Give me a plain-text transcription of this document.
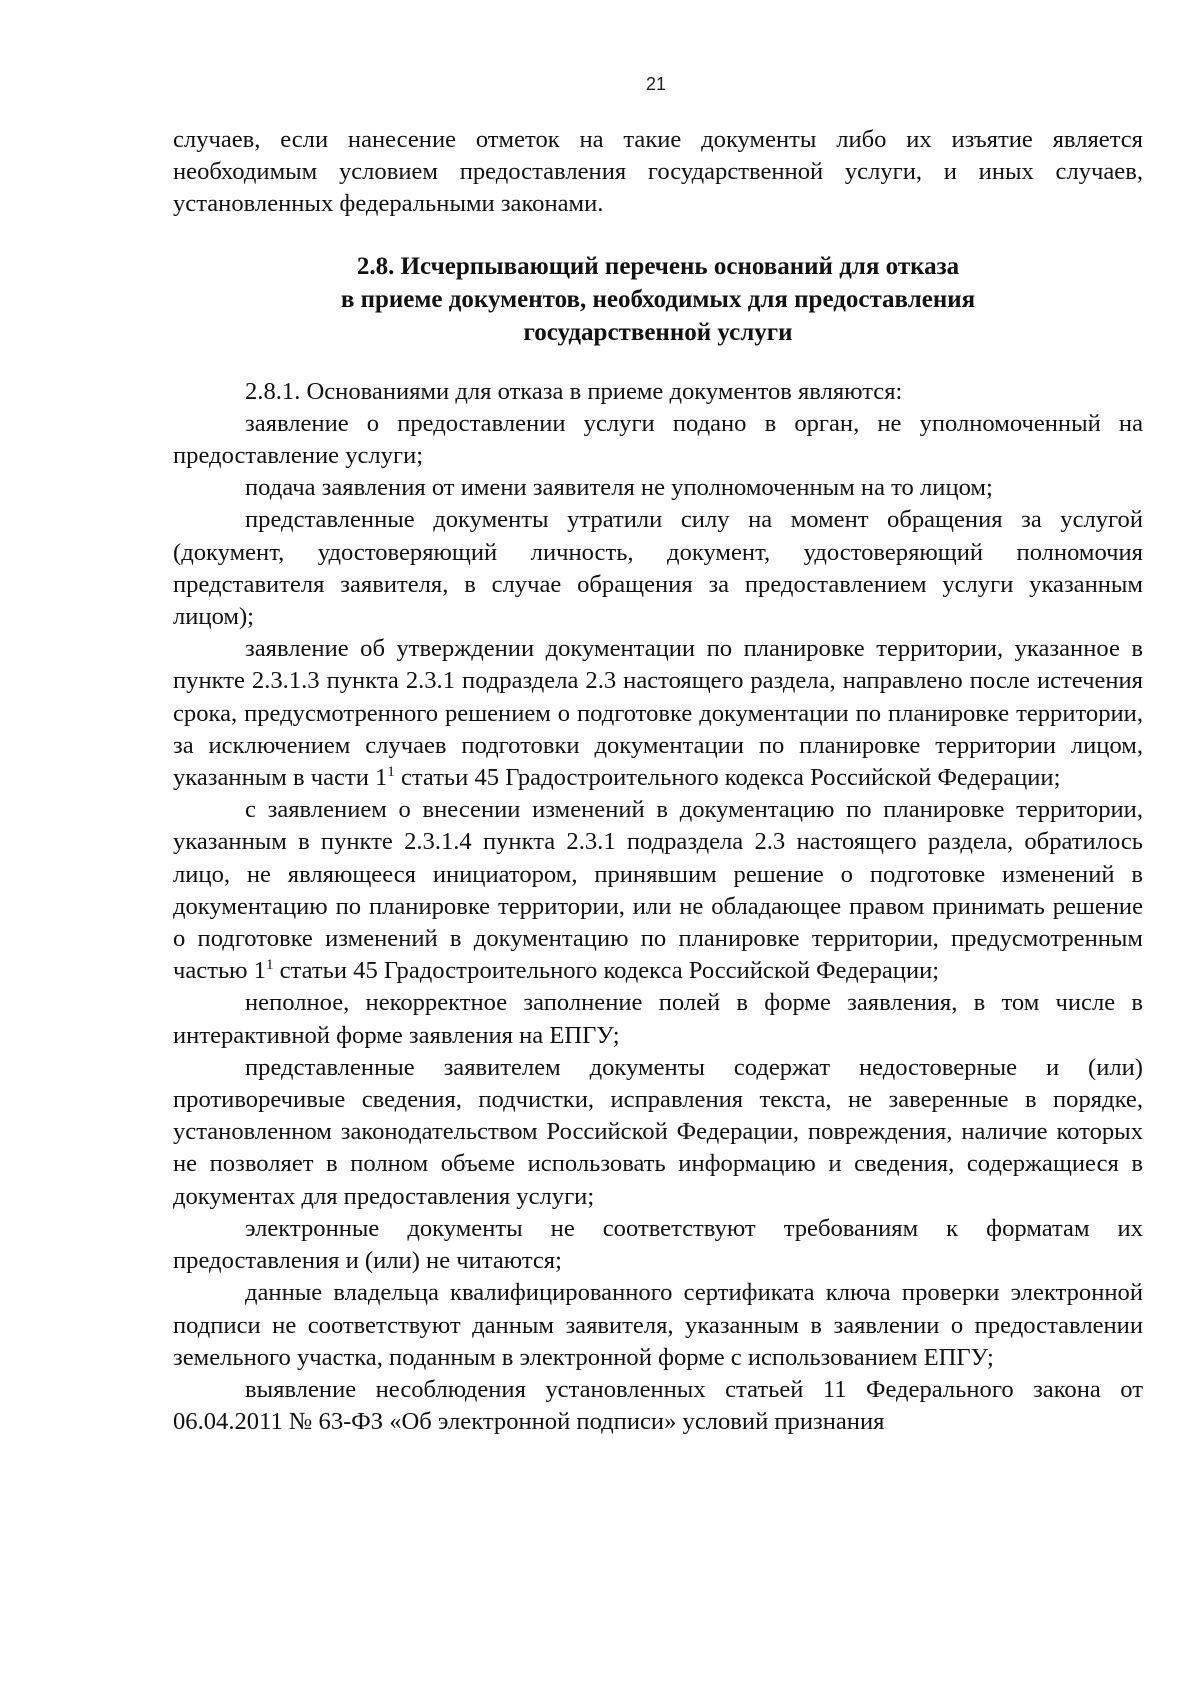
21

случаев, если нанесение отметок на такие документы либо их изъятие является необходимым условием предоставления государственной услуги, и иных случаев, установленных федеральными законами.

2.8. Исчерпывающий перечень оснований для отказа
в приеме документов, необходимых для предоставления
государственной услуги

2.8.1. Основаниями для отказа в приеме документов являются:

заявление о предоставлении услуги подано в орган, не уполномоченный на предоставление услуги;

подача заявления от имени заявителя не уполномоченным на то лицом;

представленные документы утратили силу на момент обращения за услугой (документ, удостоверяющий личность, документ, удостоверяющий полномочия представителя заявителя, в случае обращения за предоставлением услуги указанным лицом);

заявление об утверждении документации по планировке территории, указанное в пункте 2.3.1.3 пункта 2.3.1 подраздела 2.3 настоящего раздела, направлено после истечения срока, предусмотренного решением о подготовке документации по планировке территории, за исключением случаев подготовки документации по планировке территории лицом, указанным в части $1^1$ статьи 45 Градостроительного кодекса Российской Федерации;

с заявлением о внесении изменений в документацию по планировке территории, указанным в пункте 2.3.1.4 пункта 2.3.1 подраздела 2.3 настоящего раздела, обратилось лицо, не являющееся инициатором, принявшим решение о подготовке изменений в документацию по планировке территории, или не обладающее правом принимать решение о подготовке изменений в документацию по планировке территории, предусмотренным частью $1^1$ статьи 45 Градостроительного кодекса Российской Федерации;

неполное, некорректное заполнение полей в форме заявления, в том числе в интерактивной форме заявления на ЕПГУ;

представленные заявителем документы содержат недостоверные и (или) противоречивые сведения, подчистки, исправления текста, не заверенные в порядке, установленном законодательством Российской Федерации, повреждения, наличие которых не позволяет в полном объеме использовать информацию и сведения, содержащиеся в документах для предоставления услуги;

электронные документы не соответствуют требованиям к форматам их предоставления и (или) не читаются;

данные владельца квалифицированного сертификата ключа проверки электронной подписи не соответствуют данным заявителя, указанным в заявлении о предоставлении земельного участка, поданным в электронной форме с использованием ЕПГУ;

выявление несоблюдения установленных статьей 11 Федерального закона от 06.04.2011 № 63-ФЗ «Об электронной подписи» условий признания
